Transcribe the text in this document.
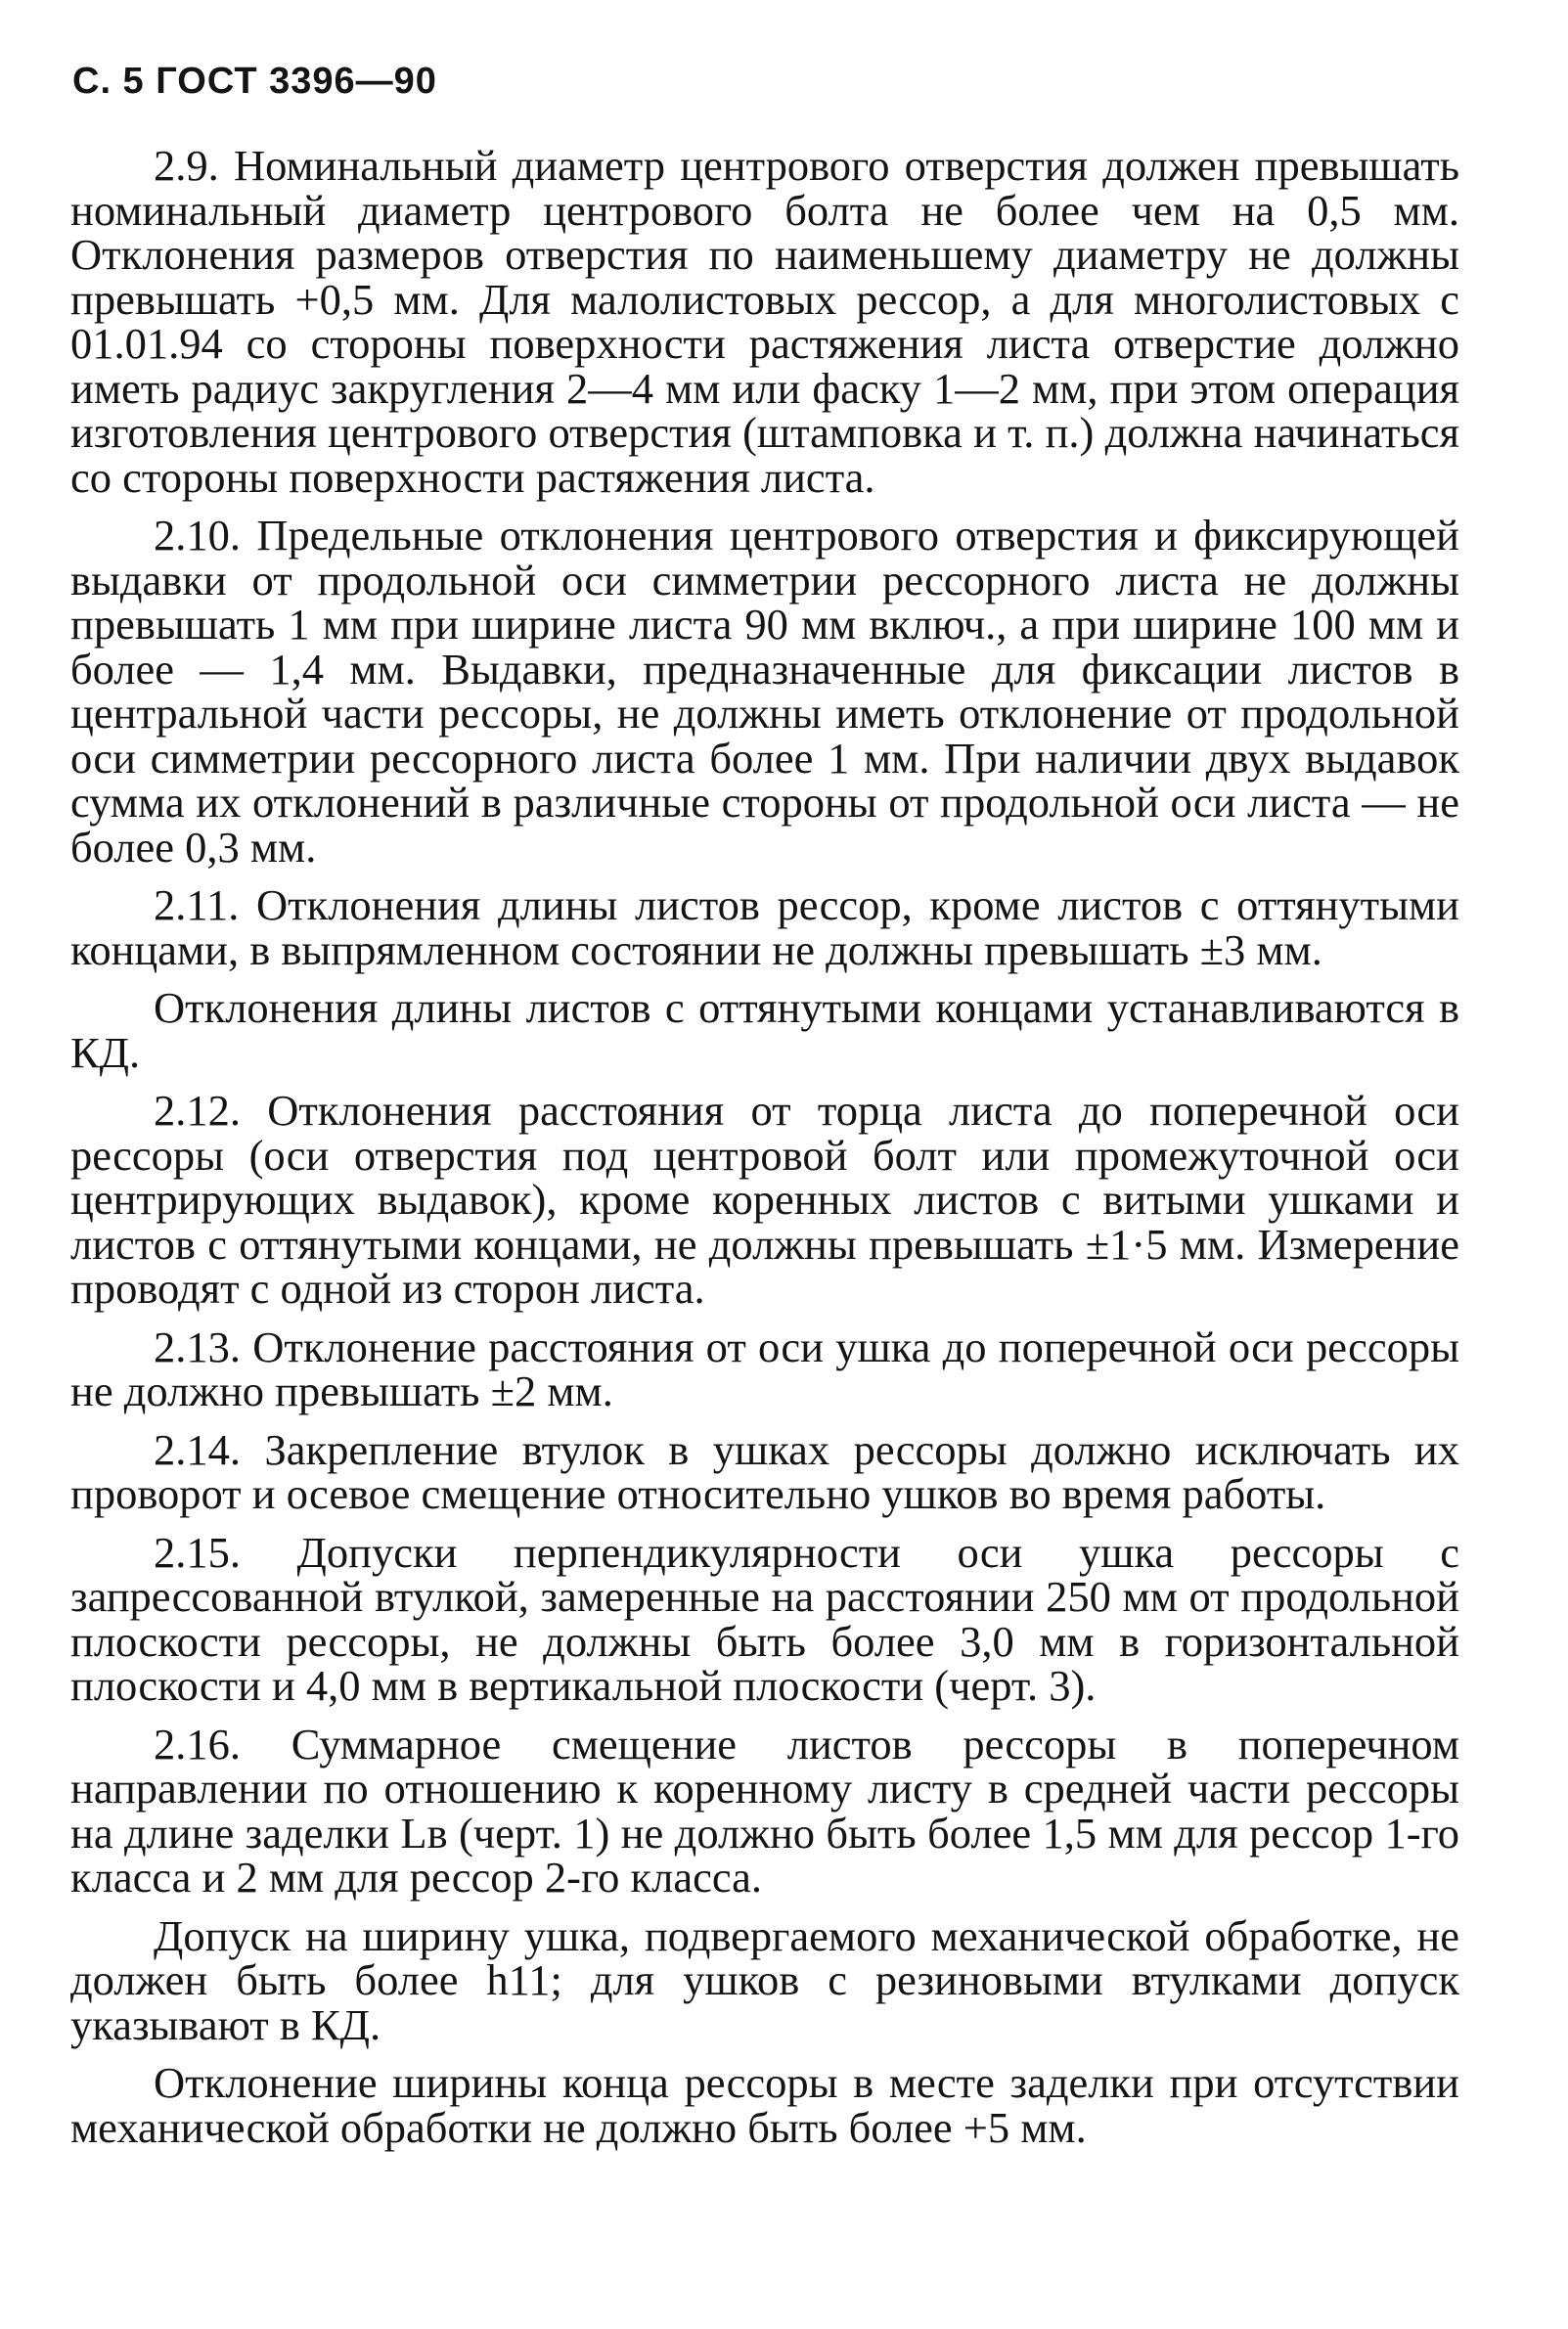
С. 5 ГОСТ 3396—90

2.9. Номинальный диаметр центрового отверстия должен превышать номинальный диаметр центрового болта не более чем на 0,5 мм. Отклонения размеров отверстия по наименьшему диаметру не должны превышать +0,5 мм. Для малолистовых рессор, а для многолистовых с 01.01.94 со стороны поверхности растяжения листа отверстие должно иметь радиус закругления 2—4 мм или фаску 1—2 мм, при этом операция изготовления центрового отверстия (штамповка и т. п.) должна начинаться со стороны поверхности растяжения листа.

2.10. Предельные отклонения центрового отверстия и фиксирующей выдавки от продольной оси симметрии рессорного листа не должны превышать 1 мм при ширине листа 90 мм включ., а при ширине 100 мм и более — 1,4 мм. Выдавки, предназначенные для фиксации листов в центральной части рессоры, не должны иметь отклонение от продольной оси симметрии рессорного листа более 1 мм. При наличии двух выдавок сумма их отклонений в различные стороны от продольной оси листа — не более 0,3 мм.

2.11. Отклонения длины листов рессор, кроме листов с оттянутыми концами, в выпрямленном состоянии не должны превышать ±3 мм.

Отклонения длины листов с оттянутыми концами устанавливаются в КД.

2.12. Отклонения расстояния от торца листа до поперечной оси рессоры (оси отверстия под центровой болт или промежуточной оси центрирующих выдавок), кроме коренных листов с витыми ушками и листов с оттянутыми концами, не должны превышать ±1·5 мм. Измерение проводят с одной из сторон листа.

2.13. Отклонение расстояния от оси ушка до поперечной оси рессоры не должно превышать ±2 мм.

2.14. Закрепление втулок в ушках рессоры должно исключать их проворот и осевое смещение относительно ушков во время работы.

2.15. Допуски перпендикулярности оси ушка рессоры с запрессованной втулкой, замеренные на расстоянии 250 мм от продольной плоскости рессоры, не должны быть более 3,0 мм в горизонтальной плоскости и 4,0 мм в вертикальной плоскости (черт. 3).

2.16. Суммарное смещение листов рессоры в поперечном направлении по отношению к коренному листу в средней части рессоры на длине заделки Lв (черт. 1) не должно быть более 1,5 мм для рессор 1-го класса и 2 мм для рессор 2-го класса.

Допуск на ширину ушка, подвергаемого механической обработке, не должен быть более h11; для ушков с резиновыми втулками допуск указывают в КД.

Отклонение ширины конца рессоры в месте заделки при отсутствии механической обработки не должно быть более +5 мм.
